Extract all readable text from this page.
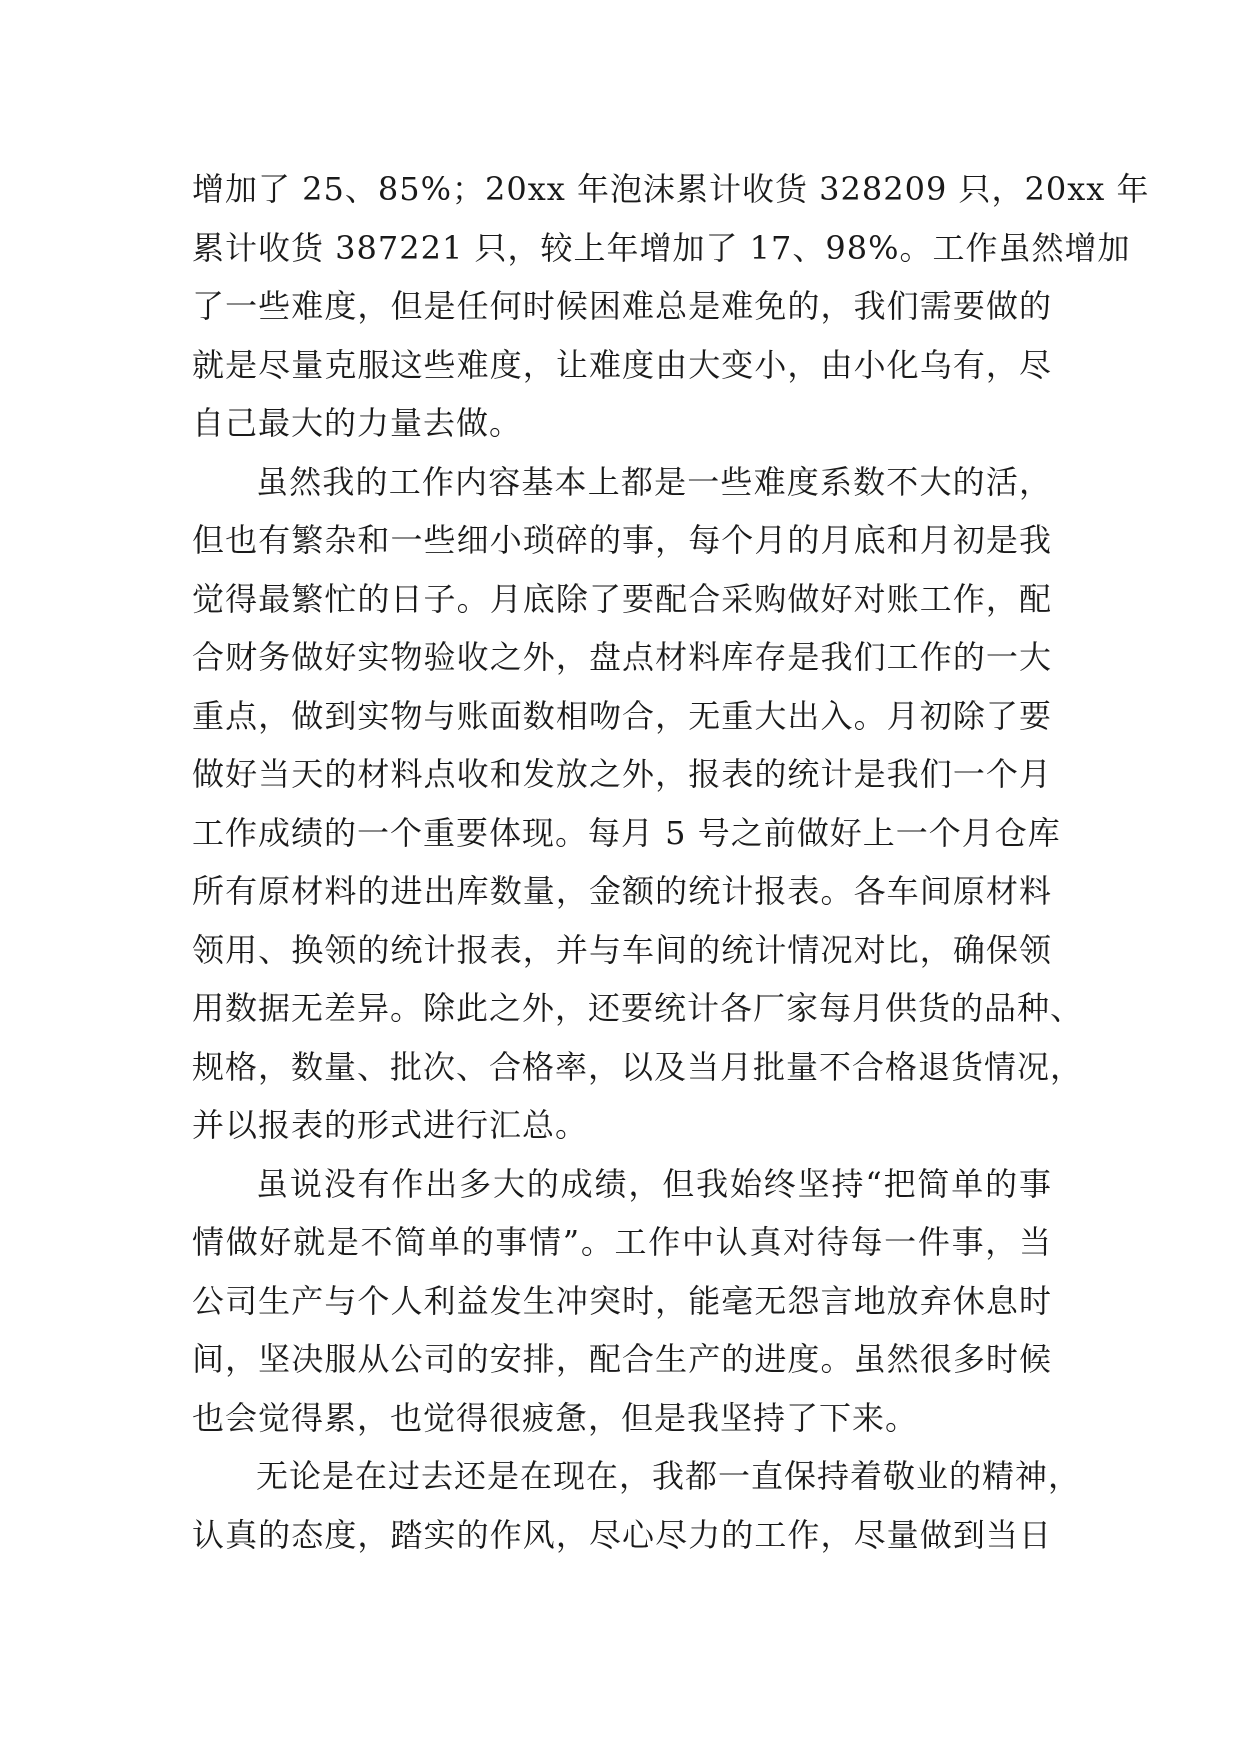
增加了 25、85%；20xx 年泡沫累计收货 328209 只，20xx 年
累计收货 387221 只，较上年增加了 17、98%。工作虽然增加
了一些难度，但是任何时候困难总是难免的，我们需要做的
就是尽量克服这些难度，让难度由大变小，由小化乌有，尽
自己最大的力量去做。
虽然我的工作内容基本上都是一些难度系数不大的活，
但也有繁杂和一些细小琐碎的事，每个月的月底和月初是我
觉得最繁忙的日子。月底除了要配合采购做好对账工作，配
合财务做好实物验收之外，盘点材料库存是我们工作的一大
重点，做到实物与账面数相吻合，无重大出入。月初除了要
做好当天的材料点收和发放之外，报表的统计是我们一个月
工作成绩的一个重要体现。每月 5 号之前做好上一个月仓库
所有原材料的进出库数量，金额的统计报表。各车间原材料
领用、换领的统计报表，并与车间的统计情况对比，确保领
用数据无差异。除此之外，还要统计各厂家每月供货的品种、
规格，数量、批次、合格率，以及当月批量不合格退货情况，
并以报表的形式进行汇总。
虽说没有作出多大的成绩，但我始终坚持“把简单的事
情做好就是不简单的事情”。工作中认真对待每一件事，当
公司生产与个人利益发生冲突时，能毫无怨言地放弃休息时
间，坚决服从公司的安排，配合生产的进度。虽然很多时候
也会觉得累，也觉得很疲惫，但是我坚持了下来。
无论是在过去还是在现在，我都一直保持着敬业的精神，
认真的态度，踏实的作风，尽心尽力的工作，尽量做到当日
